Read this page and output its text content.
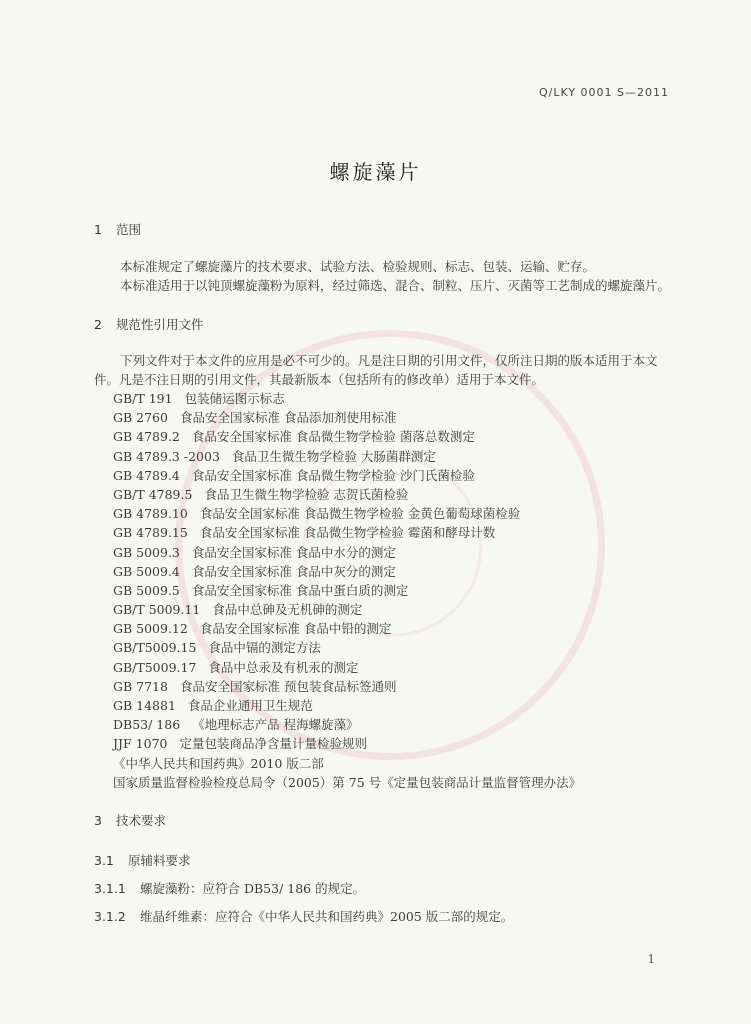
Q/LKY 0001 S—2011
螺旋藻片
1 范围
本标准规定了螺旋藻片的技术要求、试验方法、检验规则、标志、包装、运输、贮存。
本标准适用于以钝顶螺旋藻粉为原料，经过筛选、混合、制粒、压片、灭菌等工艺制成的螺旋藻片。
2 规范性引用文件
下列文件对于本文件的应用是必不可少的。凡是注日期的引用文件，仅所注日期的版本适用于本文
件。凡是不注日期的引用文件，其最新版本（包括所有的修改单）适用于本文件。
GB/T 191 包装储运图示标志
GB 2760 食品安全国家标准 食品添加剂使用标准
GB 4789.2 食品安全国家标准 食品微生物学检验 菌落总数测定
GB 4789.3 -2003 食品卫生微生物学检验 大肠菌群测定
GB 4789.4 食品安全国家标准 食品微生物学检验 沙门氏菌检验
GB/T 4789.5 食品卫生微生物学检验 志贺氏菌检验
GB 4789.10 食品安全国家标准 食品微生物学检验 金黄色葡萄球菌检验
GB 4789.15 食品安全国家标准 食品微生物学检验 霉菌和酵母计数
GB 5009.3 食品安全国家标准 食品中水分的测定
GB 5009.4 食品安全国家标准 食品中灰分的测定
GB 5009.5 食品安全国家标准 食品中蛋白质的测定
GB/T 5009.11 食品中总砷及无机砷的测定
GB 5009.12 食品安全国家标准 食品中铅的测定
GB/T5009.15 食品中镉的测定方法
GB/T5009.17 食品中总汞及有机汞的测定
GB 7718 食品安全国家标准 预包装食品标签通则
GB 14881 食品企业通用卫生规范
DB53/ 186 《地理标志产品 程海螺旋藻》
JJF 1070 定量包装商品净含量计量检验规则
《中华人民共和国药典》2010 版二部
国家质量监督检验检疫总局令（2005）第 75 号《定量包装商品计量监督管理办法》
3 技术要求
3.1 原辅料要求
3.1.1 螺旋藻粉：应符合 DB53/ 186 的规定。
3.1.2 维晶纤维素：应符合《中华人民共和国药典》2005 版二部的规定。
1
